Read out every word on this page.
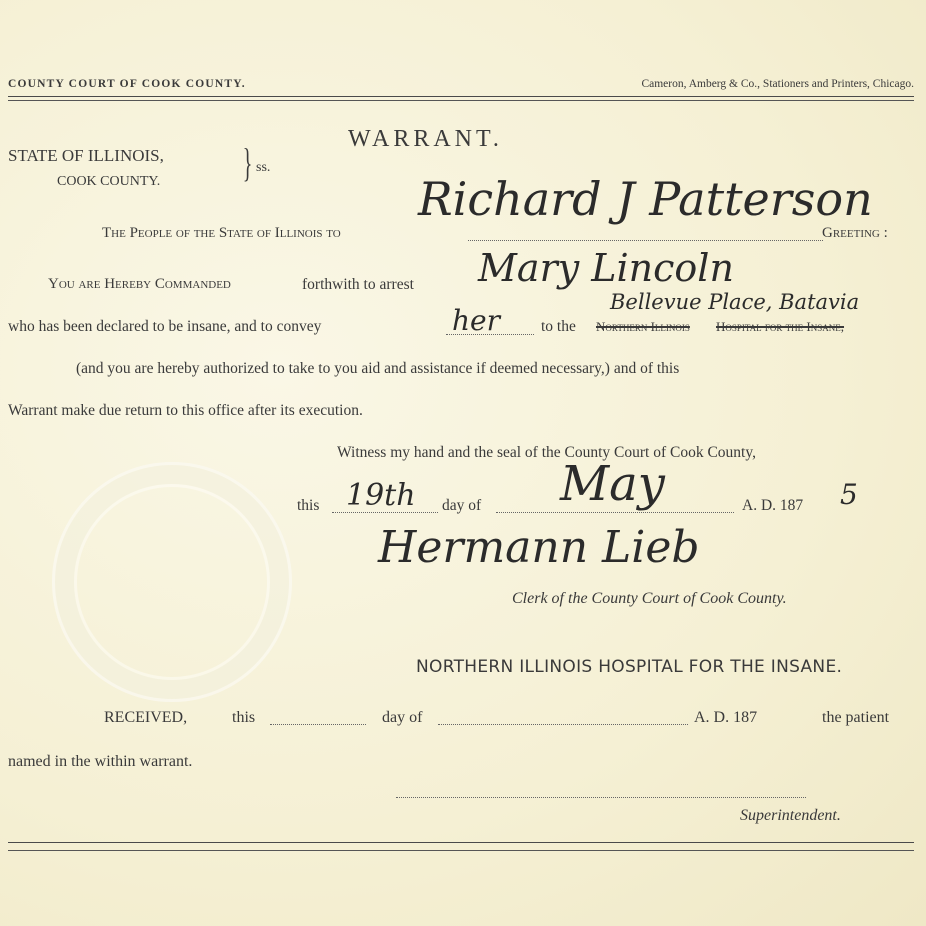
COUNTY COURT OF COOK COUNTY.	Cameron, Amberg & Co., Stationers and Printers, Chicago.
WARRANT.
STATE OF ILLINOIS,
COOK COUNTY. } ss.
Richard J Patterson
The People of the State of Illinois to	Greeting :
You are Hereby Commanded	forthwith to arrest Mary Lincoln
Bellevue Place, Batavia
who has been declared to be insane, and to convey	her	to the Northern Illinois Hospital for the Insane,
(and you are hereby authorized to take to you aid and assistance if deemed necessary,) and of this
Warrant make due return to this office after its execution.
Witness my hand and the seal of the County Court of Cook County,
this 19th day of May	A. D. 187 5
Hermann Lieb
Clerk of the County Court of Cook County.
NORTHERN ILLINOIS HOSPITAL FOR THE INSANE.
RECEIVED,	this	day of	A. D. 187	the patient
named in the within warrant.
Superintendent.
